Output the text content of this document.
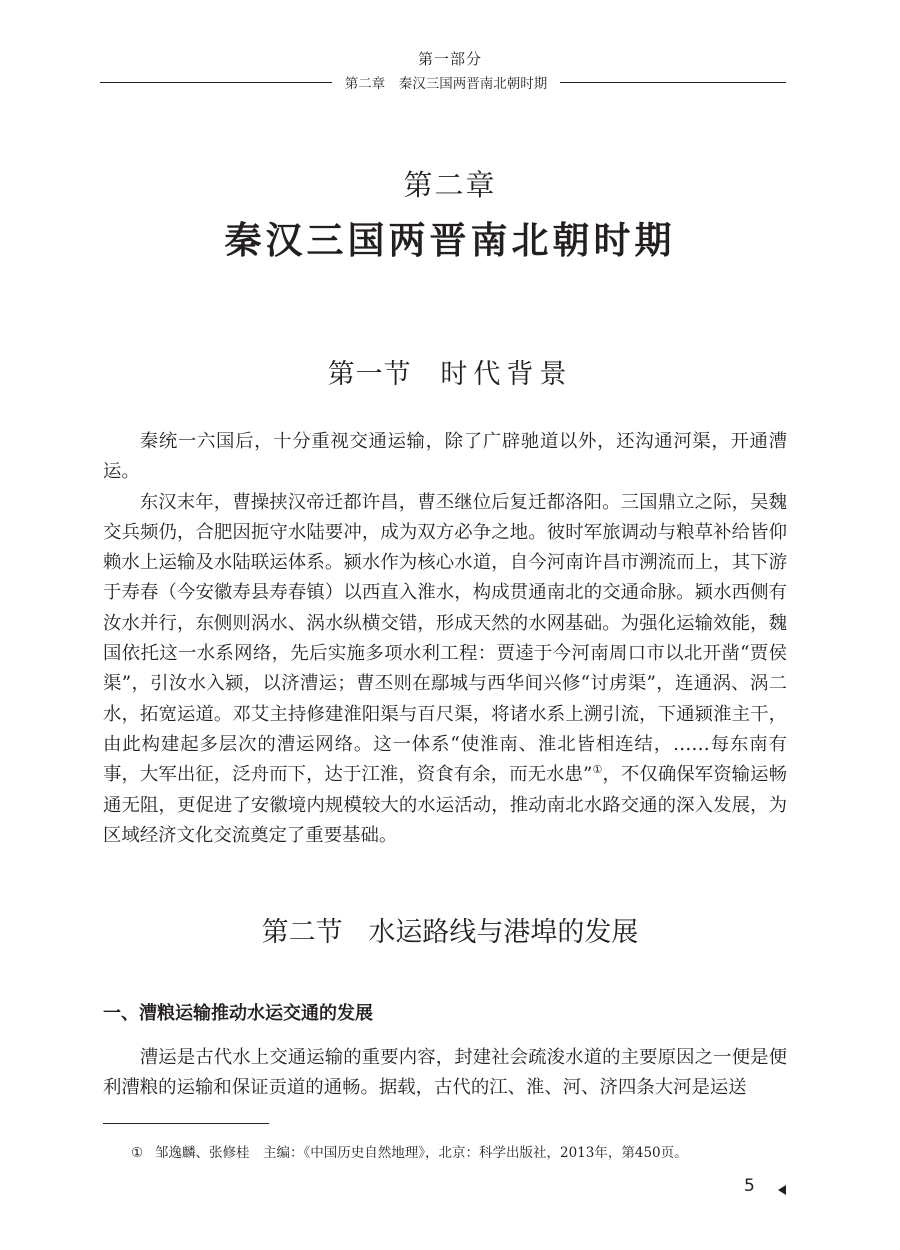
第一部分
第二章　秦汉三国两晋南北朝时期
第二章
秦汉三国两晋南北朝时期
第一节 时代背景

秦统一六国后，十分重视交通运输，除了广辟驰道以外，还沟通河渠，开通漕运。

东汉末年，曹操挟汉帝迁都许昌，曹丕继位后复迁都洛阳。三国鼎立之际，吴魏交兵频仍，合肥因扼守水陆要冲，成为双方必争之地。彼时军旅调动与粮草补给皆仰赖水上运输及水陆联运体系。颍水作为核心水道，自今河南许昌市溯流而上，其下游于寿春（今安徽寿县寿春镇）以西直入淮水，构成贯通南北的交通命脉。颍水西侧有汝水并行，东侧则涡水、涡水纵横交错，形成天然的水网基础。为强化运输效能，魏国依托这一水系网络，先后实施多项水利工程：贾逵于今河南周口市以北开凿“贾侯渠”，引汝水入颍，以济漕运；曹丕则在鄢城与西华间兴修“讨虏渠”，连通涡、涡二水，拓宽运道。邓艾主持修建淮阳渠与百尺渠，将诸水系上溯引流，下通颍淮主干，由此构建起多层次的漕运网络。这一体系“使淮南、淮北皆相连结，……每东南有事，大军出征，泛舟而下，达于江淮，资食有余，而无水患”①，不仅确保军资输运畅通无阻，更促进了安徽境内规模较大的水运活动，推动南北水路交通的深入发展，为区域经济文化交流奠定了重要基础。

第二节 水运路线与港埠的发展
一、漕粮运输推动水运交通的发展

漕运是古代水上交通运输的重要内容，封建社会疏浚水道的主要原因之一便是便利漕粮的运输和保证贡道的通畅。据载，古代的江、淮、河、济四条大河是运送

① 邹逸麟、张修桂　主编：《中国历史自然地理》，北京：科学出版社，2013年，第450页。
5
